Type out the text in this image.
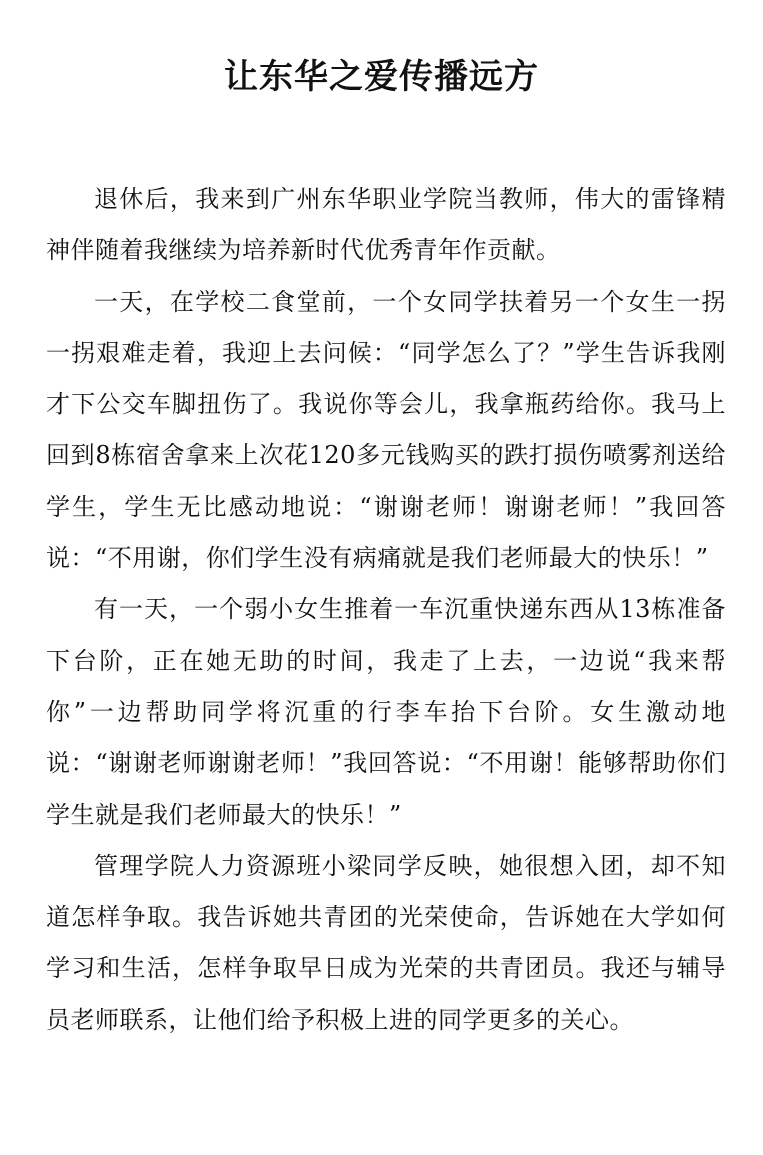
让东华之爱传播远方

退休后，我来到广州东华职业学院当教师，伟大的雷锋精神伴随着我继续为培养新时代优秀青年作贡献。

一天，在学校二食堂前，一个女同学扶着另一个女生一拐一拐艰难走着，我迎上去问候：“同学怎么了？”学生告诉我刚才下公交车脚扭伤了。我说你等会儿，我拿瓶药给你。我马上回到8栋宿舍拿来上次花120多元钱购买的跌打损伤喷雾剂送给学生，学生无比感动地说：“谢谢老师！谢谢老师！”我回答说：“不用谢，你们学生没有病痛就是我们老师最大的快乐！”

有一天，一个弱小女生推着一车沉重快递东西从13栋准备下台阶，正在她无助的时间，我走了上去，一边说“我来帮你”一边帮助同学将沉重的行李车抬下台阶。女生激动地说：“谢谢老师谢谢老师！”我回答说：“不用谢！能够帮助你们学生就是我们老师最大的快乐！”

管理学院人力资源班小梁同学反映，她很想入团，却不知道怎样争取。我告诉她共青团的光荣使命，告诉她在大学如何学习和生活，怎样争取早日成为光荣的共青团员。我还与辅导员老师联系，让他们给予积极上进的同学更多的关心。
